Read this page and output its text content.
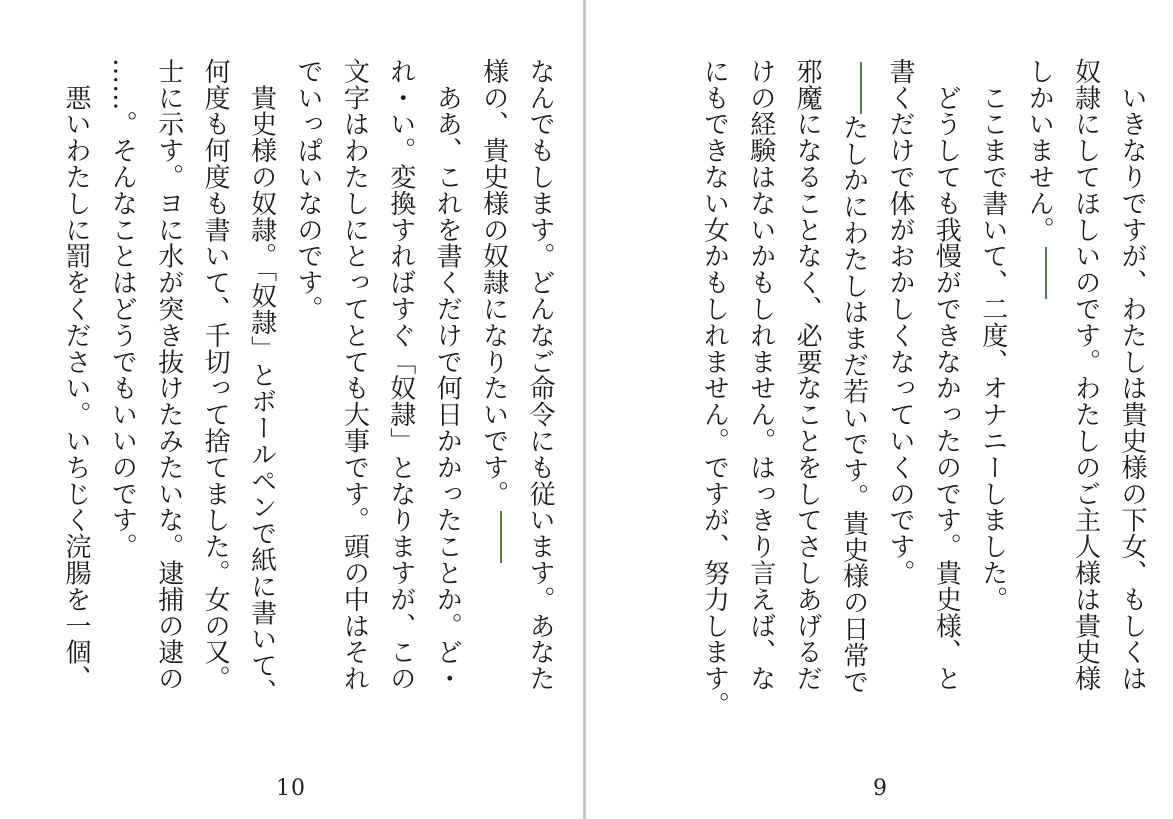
なんでもします。どんなご命令にも従います。あなた
様の、貴史様の奴隷になりたいです。
　ああ、これを書くだけで何日かかったことか。ど・
れ・い。変換すればすぐ「奴隷」となりますが、この
文字はわたしにとってとても大事です。頭の中はそれ
でいっぱいなのです。
　貴史様の奴隷。「奴隷」とボールペンで紙に書いて、
何度も何度も書いて、千切って捨てました。女の又。
士に示す。ヨに水が突き抜けたみたいな。逮捕の逮の
……。そんなことはどうでもいいのです。
　悪いわたしに罰をください。いちじく浣腸を一個、
10
　いきなりですが、わたしは貴史様の下女、もしくは
奴隷にしてほしいのです。わたしのご主人様は貴史様
しかいません。
　ここまで書いて、二度、オナニーしました。
　どうしても我慢ができなかったのです。貴史様、と
書くだけで体がおかしくなっていくのです。
たしかにわたしはまだ若いです。貴史様の日常で
邪魔になることなく、必要なことをしてさしあげるだ
けの経験はないかもしれません。はっきり言えば、な
にもできない女かもしれません。ですが、努力します。
9
